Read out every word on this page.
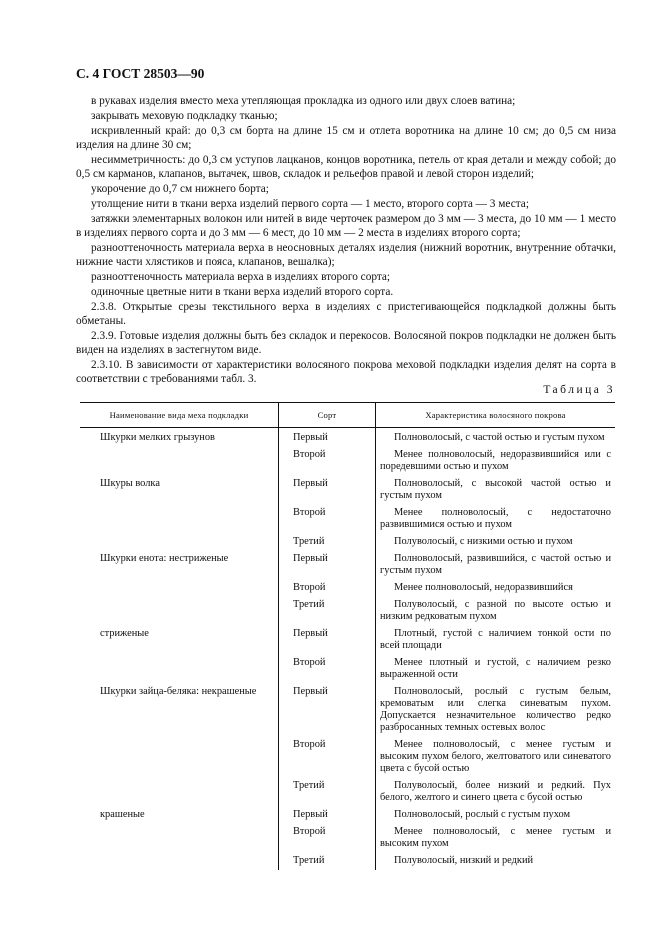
С. 4 ГОСТ 28503—90

в рукавах изделия вместо меха утепляющая прокладка из одного или двух слоев ватина;

закрывать меховую подкладку тканью;

искривленный край: до 0,3 см борта на длине 15 см и отлета воротника на длине 10 см; до 0,5 см низа изделия на длине 30 см;

несимметричность: до 0,3 см уступов лацканов, концов воротника, петель от края детали и между собой; до 0,5 см карманов, клапанов, вытачек, швов, складок и рельефов правой и левой сторон изделий;

укорочение до 0,7 см нижнего борта;

утолщение нити в ткани верха изделий первого сорта — 1 место, второго сорта — 3 места;

затяжки элементарных волокон или нитей в виде черточек размером до 3 мм — 3 места, до 10 мм — 1 место в изделиях первого сорта и до 3 мм — 6 мест, до 10 мм — 2 места в изделиях второго сорта;

разнооттеночность материала верха в неосновных деталях изделия (нижний воротник, внутренние обтачки, нижние части хлястиков и пояса, клапанов, вешалка);

разнооттеночность материала верха в изделиях второго сорта;

одиночные цветные нити в ткани верха изделий второго сорта.

2.3.8. Открытые срезы текстильного верха в изделиях с пристегивающейся подкладкой должны быть обметаны.

2.3.9. Готовые изделия должны быть без складок и перекосов. Волосяной покров подкладки не должен быть виден на изделиях в застегнутом виде.

2.3.10. В зависимости от характеристики волосяного покрова меховой подкладки изделия делят на сорта в соответствии с требованиями табл. 3.

Таблица 3
Наименование вида меха подкладки	Сорт	Характеристика волосяного покрова
Шкурки мелких грызунов	Первый	Полноволосый, с частой остью и густым пухом
	Второй	Менее полноволосый, недоразвившийся или с поредевшими остью и пухом
Шкуры волка	Первый	Полноволосый, с высокой частой остью и густым пухом
	Второй	Менее полноволосый, с недостаточно развившимися остью и пухом
	Третий	Полуволосый, с низкими остью и пухом
Шкурки енота: нестриженые	Первый	Полноволосый, развившийся, с частой остью и густым пухом
	Второй	Менее полноволосый, недоразвившийся
	Третий	Полуволосый, с разной по высоте остью и низким редковатым пухом
стриженые	Первый	Плотный, густой с наличием тонкой ости по всей площади
	Второй	Менее плотный и густой, с наличием резко выраженной ости
Шкурки зайца-беляка: некрашеные	Первый	Полноволосый, рослый с густым белым, кремоватым или слегка синеватым пухом. Допускается незначительное количество редко разбросанных темных остевых волос
	Второй	Менее полноволосый, с менее густым и высоким пухом белого, желтоватого или синеватого цвета с бусой остью
	Третий	Полуволосый, более низкий и редкий. Пух белого, желтого и синего цвета с бусой остью
крашеные	Первый	Полноволосый, рослый с густым пухом
	Второй	Менее полноволосый, с менее густым и высоким пухом
	Третий	Полуволосый, низкий и редкий
